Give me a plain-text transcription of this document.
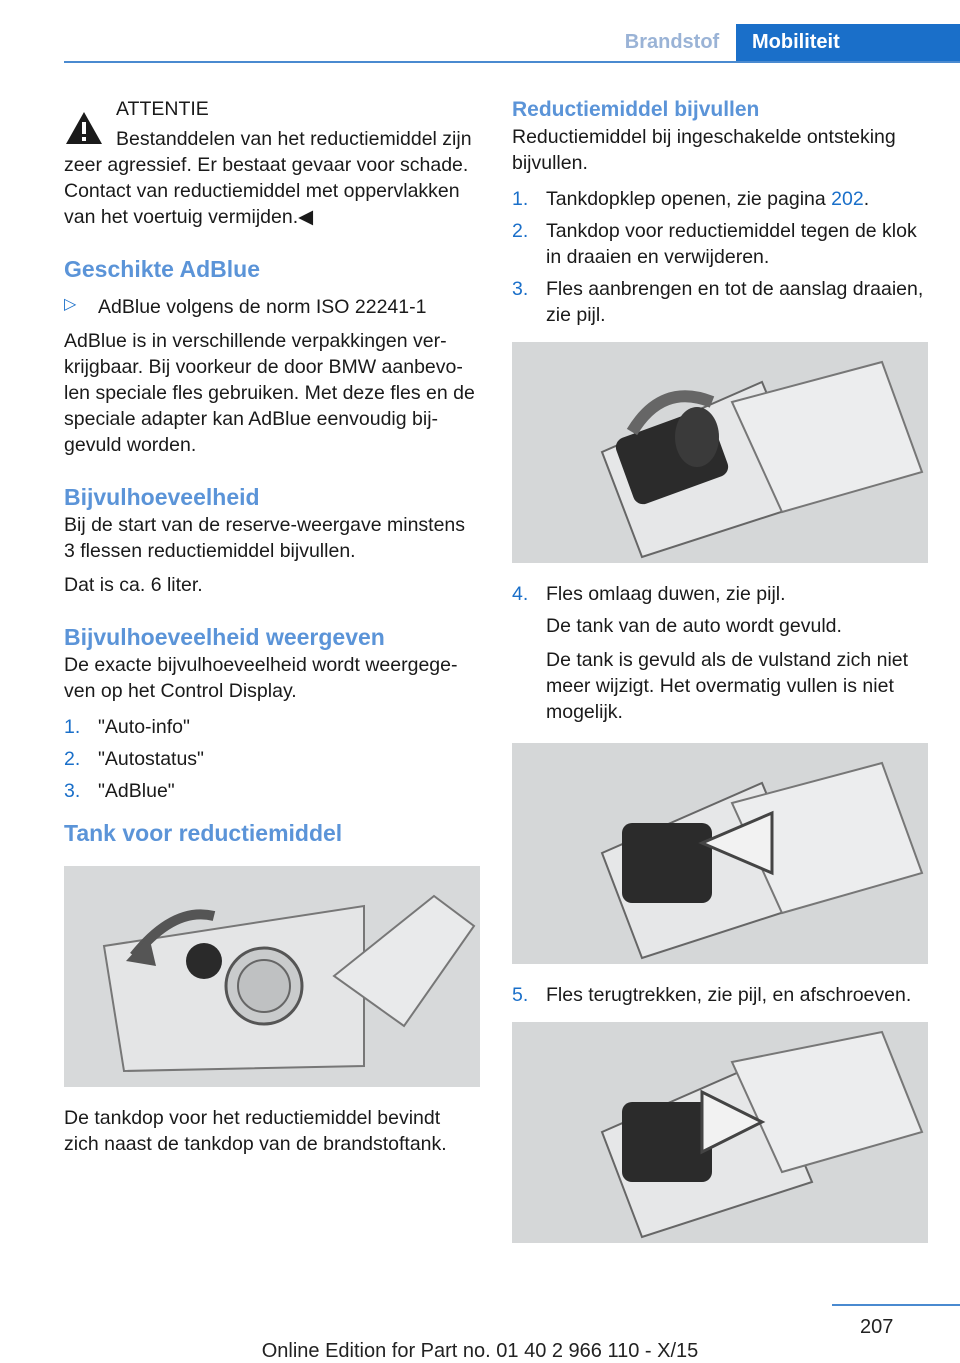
Brandstof	Mobiliteit

ATTENTIE

Bestanddelen van het reductiemiddel zijn

zeer agressief. Er bestaat gevaar voor schade. Contact van reductiemiddel met oppervlakken van het voertuig vermijden.◀

Geschikte AdBlue
▷ AdBlue volgens de norm ISO 22241-1

AdBlue is in verschillende verpakkingen ver-krijgbaar. Bij voorkeur de door BMW aanbevo-len speciale fles gebruiken. Met deze fles en de speciale adapter kan AdBlue eenvoudig bij-gevuld worden.

Bijvulhoeveelheid

Bij de start van de reserve-weergave minstens 3 flessen reductiemiddel bijvullen.

Dat is ca. 6 liter.

Bijvulhoeveelheid weergeven

De exacte bijvulhoeveelheid wordt weergege-ven op het Control Display.

1. "Auto-info"
2. "Autostatus"
3. "AdBlue"
Tank voor reductiemiddel

De tankdop voor het reductiemiddel bevindt zich naast de tankdop van de brandstoftank.

Reductiemiddel bijvullen

Reductiemiddel bij ingeschakelde ontsteking bijvullen.

1. Tankdopklep openen, zie pagina 202.
2. Tankdop voor reductiemiddel tegen de klok in draaien en verwijderen.
3. Fles aanbrengen en tot de aanslag draaien, zie pijl.
4. Fles omlaag duwen, zie pijl.

De tank van de auto wordt gevuld.

De tank is gevuld als de vulstand zich niet meer wijzigt. Het overmatig vullen is niet mogelijk.

5. Fles terugtrekken, zie pijl, en afschroeven.
207
Online Edition for Part no. 01 40 2 966 110 - X/15
